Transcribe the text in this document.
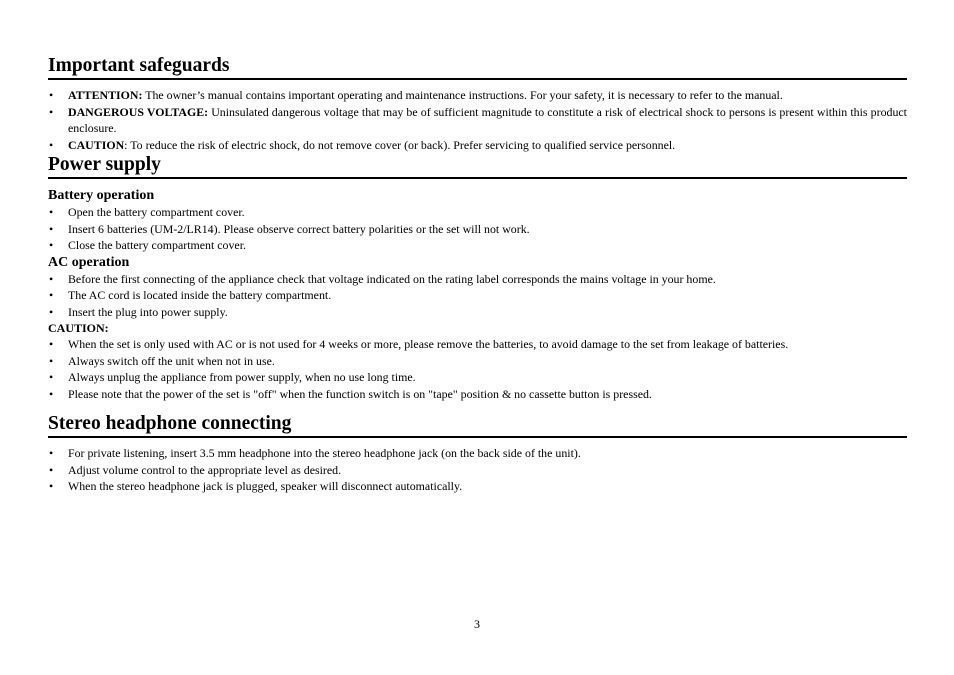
Important safeguards
• ATTENTION: The owner’s manual contains important operating and maintenance instructions. For your safety, it is necessary to refer to the manual.
• DANGEROUS VOLTAGE: Uninsulated dangerous voltage that may be of sufficient magnitude to constitute a risk of electrical shock to persons is present within this product enclosure.
• CAUTION: To reduce the risk of electric shock, do not remove cover (or back). Prefer servicing to qualified service personnel.
Power supply
Battery operation
• Open the battery compartment cover.
• Insert 6 batteries (UM-2/LR14). Please observe correct battery polarities or the set will not work.
• Close the battery compartment cover.
AC operation
• Before the first connecting of the appliance check that voltage indicated on the rating label corresponds the mains voltage in your home.
• The AC cord is located inside the battery compartment.
• Insert the plug into power supply.
CAUTION:
• When the set is only used with AC or is not used for 4 weeks or more, please remove the batteries, to avoid damage to the set from leakage of batteries.
• Always switch off the unit when not in use.
• Always unplug the appliance from power supply, when no use long time.
• Please note that the power of the set is "off" when the function switch is on "tape" position & no cassette button is pressed.
Stereo headphone connecting
• For private listening, insert 3.5 mm headphone into the stereo headphone jack (on the back side of the unit).
• Adjust volume control to the appropriate level as desired.
• When the stereo headphone jack is plugged, speaker will disconnect automatically.
3
